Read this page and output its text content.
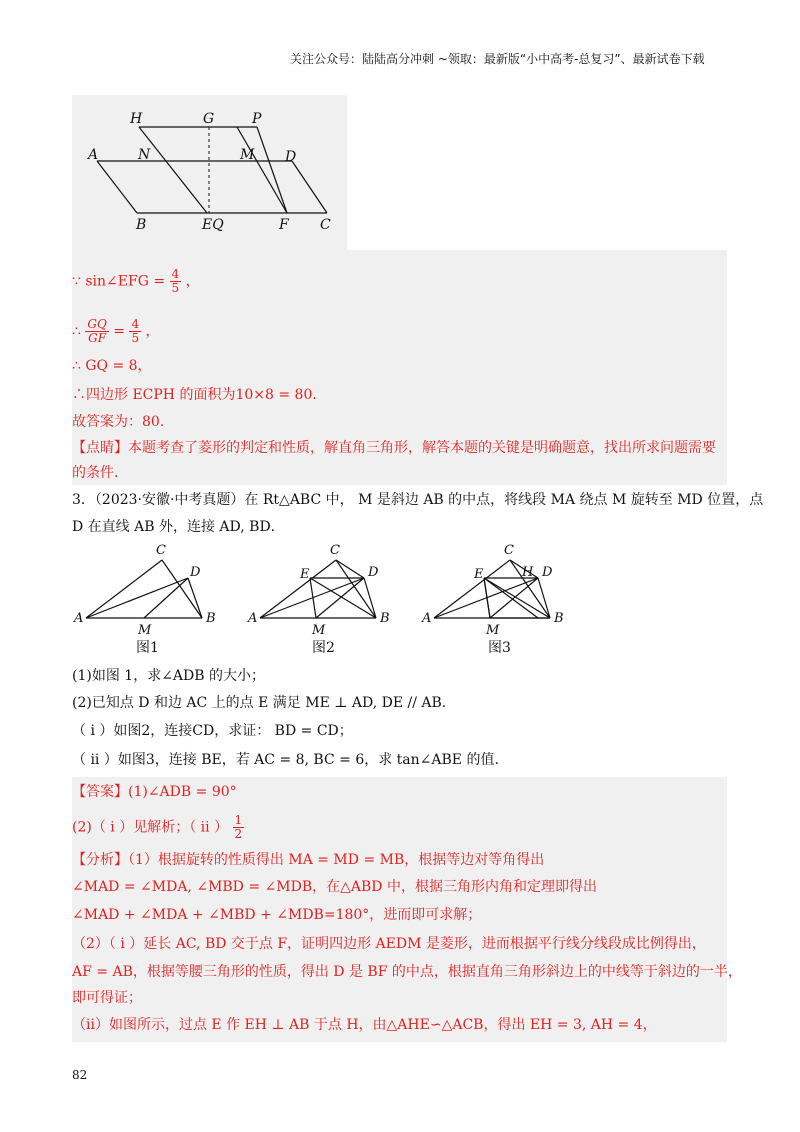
关注公众号：陆陆高分冲刺 ~领取：最新版“小中高考-总复习”、最新试卷下载
H	G	P
A	N	M D
B	EQ	F C
∵ sin∠EFG = $\frac{4}{5}$ ，
∴ $\frac{GQ}{GF} = \frac{4}{5}$ ，
∴ GQ = 8，
∴四边形 ECPH 的面积为10×8 = 80．
故答案为：80．
【点睛】本题考查了菱形的判定和性质，解直角三角形，解答本题的关键是明确题意，找出所求问题需要
的条件．
3．（2023·安徽·中考真题）在 Rt△ABC 中， M 是斜边 AB 的中点，将线段 MA 绕点 M 旋转至 MD 位置，点
D 在直线 AB 外，连接 AD, BD．
C
D
A
M
B
C
E	D
A
M
B
C
E	H D
A
M
B
图1	图2	图3
(1)如图 1，求∠ADB 的大小；
(2)已知点 D 和边 AC 上的点 E 满足 ME ⊥ AD, DE // AB．
（ i ）如图2，连接CD，求证： BD = CD；
（ ii ）如图3，连接 BE，若 AC = 8, BC = 6，求 tan∠ABE 的值.
【答案】(1)∠ADB = 90°
(2)（ i ）见解析；（ ii ） $\frac{1}{2}$
【分析】（1）根据旋转的性质得出 MA = MD = MB，根据等边对等角得出
∠MAD = ∠MDA, ∠MBD = ∠MDB，在△ABD 中，根据三角形内角和定理即得出
∠MAD + ∠MDA + ∠MBD + ∠MDB=180°，进而即可求解；
（2）（ i ）延长 AC, BD 交于点 F，证明四边形 AEDM 是菱形，进而根据平行线分线段成比例得出，
AF = AB，根据等腰三角形的性质，得出 D 是 BF 的中点，根据直角三角形斜边上的中线等于斜边的一半，
即可得证；
（ii）如图所示，过点 E 作 EH ⊥ AB 于点 H，由△AHE∽△ACB，得出 EH = 3, AH = 4，
82
